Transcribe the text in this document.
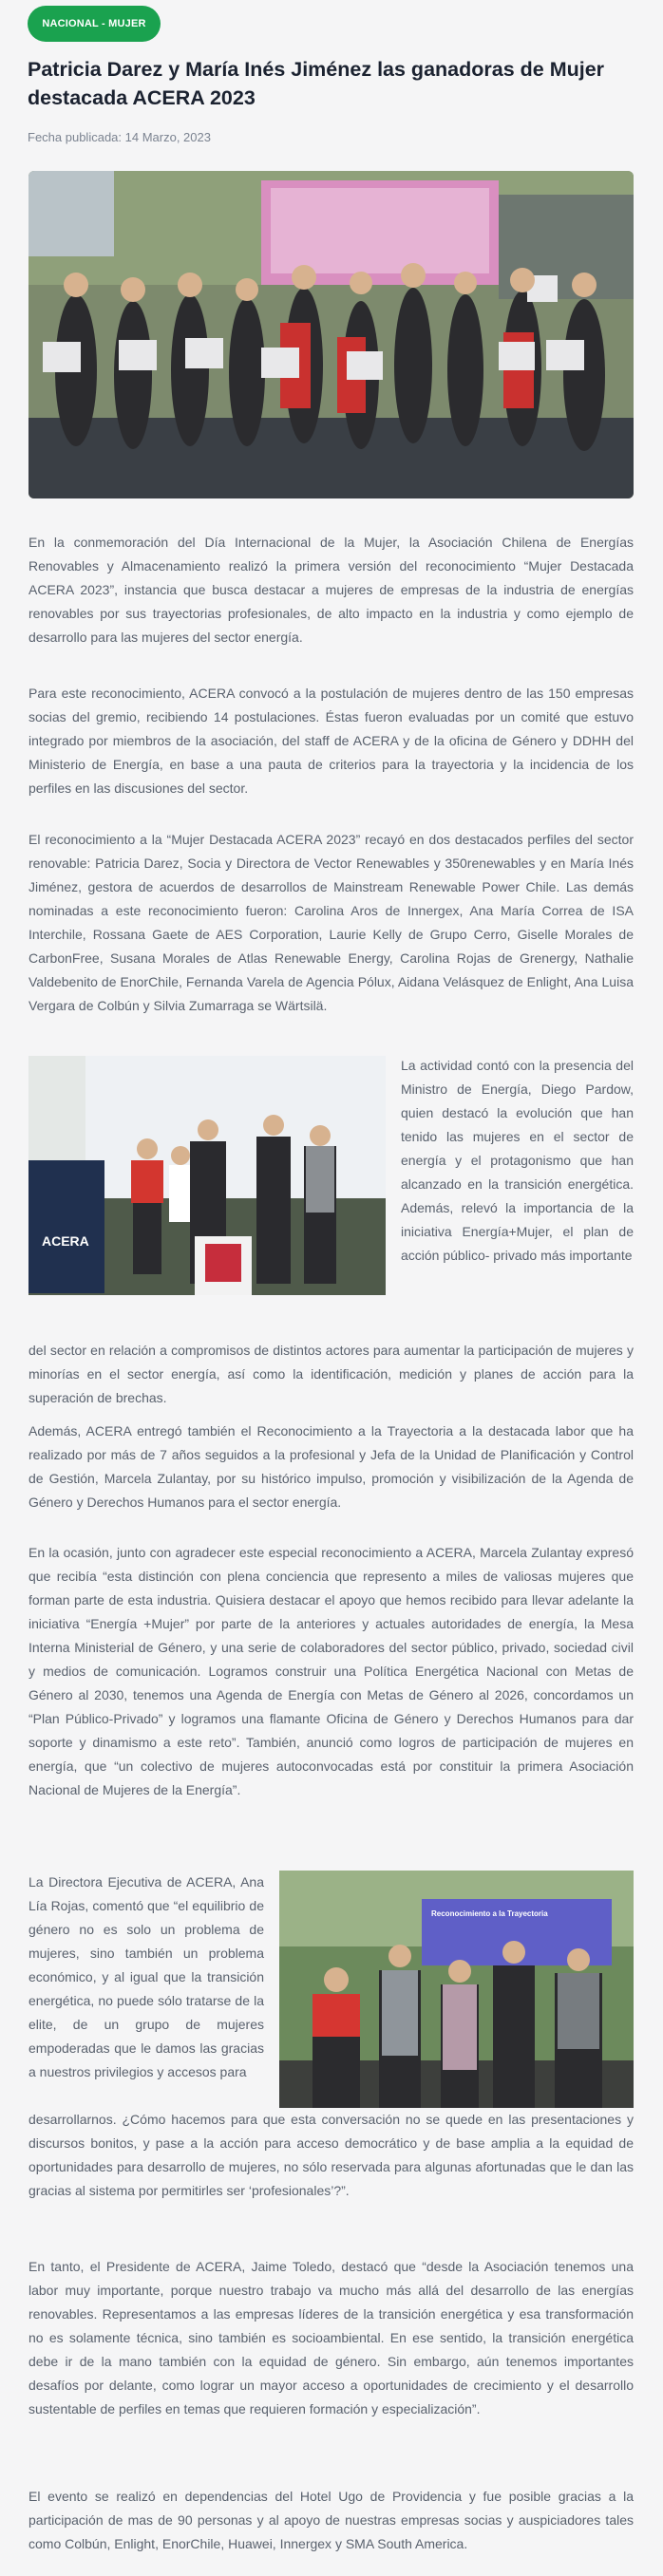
NACIONAL - MUJER
Patricia Darez y María Inés Jiménez las ganadoras de Mujer destacada ACERA 2023
Fecha publicada: 14 Marzo, 2023

En la conmemoración del Día Internacional de la Mujer, la Asociación Chilena de Energías Renovables y Almacenamiento realizó la primera versión del reconocimiento “Mujer Destacada ACERA 2023”, instancia que busca destacar a mujeres de empresas de la industria de energías renovables por sus trayectorias profesionales, de alto impacto en la industria y como ejemplo de desarrollo para las mujeres del sector energía.

Para este reconocimiento, ACERA convocó a la postulación de mujeres dentro de las 150 empresas socias del gremio, recibiendo 14 postulaciones. Éstas fueron evaluadas por un comité que estuvo integrado por miembros de la asociación, del staff de ACERA y de la oficina de Género y DDHH del Ministerio de Energía, en base a una pauta de criterios para la trayectoria y la incidencia de los perfiles en las discusiones del sector.

El reconocimiento a la “Mujer Destacada ACERA 2023” recayó en dos destacados perfiles del sector renovable: Patricia Darez, Socia y Directora de Vector Renewables y 350renewables y en María Inés Jiménez, gestora de acuerdos de desarrollos de Mainstream Renewable Power Chile. Las demás nominadas a este reconocimiento fueron: Carolina Aros de Innergex, Ana María Correa de ISA Interchile, Rossana Gaete de AES Corporation, Laurie Kelly de Grupo Cerro, Giselle Morales de CarbonFree, Susana Morales de Atlas Renewable Energy, Carolina Rojas de Grenergy, Nathalie Valdebenito de EnorChile, Fernanda Varela de Agencia Pólux, Aidana Velásquez de Enlight, Ana Luisa Vergara de Colbún y Silvia Zumarraga se Wärtsilä.

ACERA

La actividad contó con la presencia del Ministro de Energía, Diego Pardow, quien destacó la evolución que han tenido las mujeres en el sector de energía y el protagonismo que han alcanzado en la transición energética. Además, relevó la importancia de la iniciativa Energía+Mujer, el plan de acción público- privado más importante

del sector en relación a compromisos de distintos actores para aumentar la participación de mujeres y minorías en el sector energía, así como la identificación, medición y planes de acción para la superación de brechas.

Además, ACERA entregó también el Reconocimiento a la Trayectoria a la destacada labor que ha realizado por más de 7 años seguidos a la profesional y Jefa de la Unidad de Planificación y Control de Gestión, Marcela Zulantay, por su histórico impulso, promoción y visibilización de la Agenda de Género y Derechos Humanos para el sector energía.

En la ocasión, junto con agradecer este especial reconocimiento a ACERA, Marcela Zulantay expresó que recibía “esta distinción con plena conciencia que represento a miles de valiosas mujeres que forman parte de esta industria. Quisiera destacar el apoyo que hemos recibido para llevar adelante la iniciativa “Energía +Mujer” por parte de la anteriores y actuales autoridades de energía, la Mesa Interna Ministerial de Género, y una serie de colaboradores del sector público, privado, sociedad civil y medios de comunicación. Logramos construir una Política Energética Nacional con Metas de Género al 2030, tenemos una Agenda de Energía con Metas de Género al 2026, concordamos un “Plan Público-Privado” y logramos una flamante Oficina de Género y Derechos Humanos para dar soporte y dinamismo a este reto”. También, anunció como logros de participación de mujeres en energía, que “un colectivo de mujeres autoconvocadas está por constituir la primera Asociación Nacional de Mujeres de la Energía”.

La Directora Ejecutiva de ACERA, Ana Lía Rojas, comentó que “el equilibrio de género no es solo un problema de mujeres, sino también un problema económico, y al igual que la transición energética, no puede sólo tratarse de la elite, de un grupo de mujeres empoderadas que le damos las gracias a nuestros privilegios y accesos para

Reconocimiento a la Trayectoria

desarrollarnos. ¿Cómo hacemos para que esta conversación no se quede en las presentaciones y discursos bonitos, y pase a la acción para acceso democrático y de base amplia a la equidad de oportunidades para desarrollo de mujeres, no sólo reservada para algunas afortunadas que le dan las gracias al sistema por permitirles ser ‘profesionales’?”.

En tanto, el Presidente de ACERA, Jaime Toledo, destacó que “desde la Asociación tenemos una labor muy importante, porque nuestro trabajo va mucho más allá del desarrollo de las energías renovables. Representamos a las empresas líderes de la transición energética y esa transformación no es solamente técnica, sino también es socioambiental. En ese sentido, la transición energética debe ir de la mano también con la equidad de género. Sin embargo, aún tenemos importantes desafíos por delante, como lograr un mayor acceso a oportunidades de crecimiento y el desarrollo sustentable de perfiles en temas que requieren formación y especialización”.

El evento se realizó en dependencias del Hotel Ugo de Providencia y fue posible gracias a la participación de mas de 90 personas y al apoyo de nuestras empresas socias y auspiciadores tales como Colbún, Enlight, EnorChile, Huawei, Innergex y SMA South America.
